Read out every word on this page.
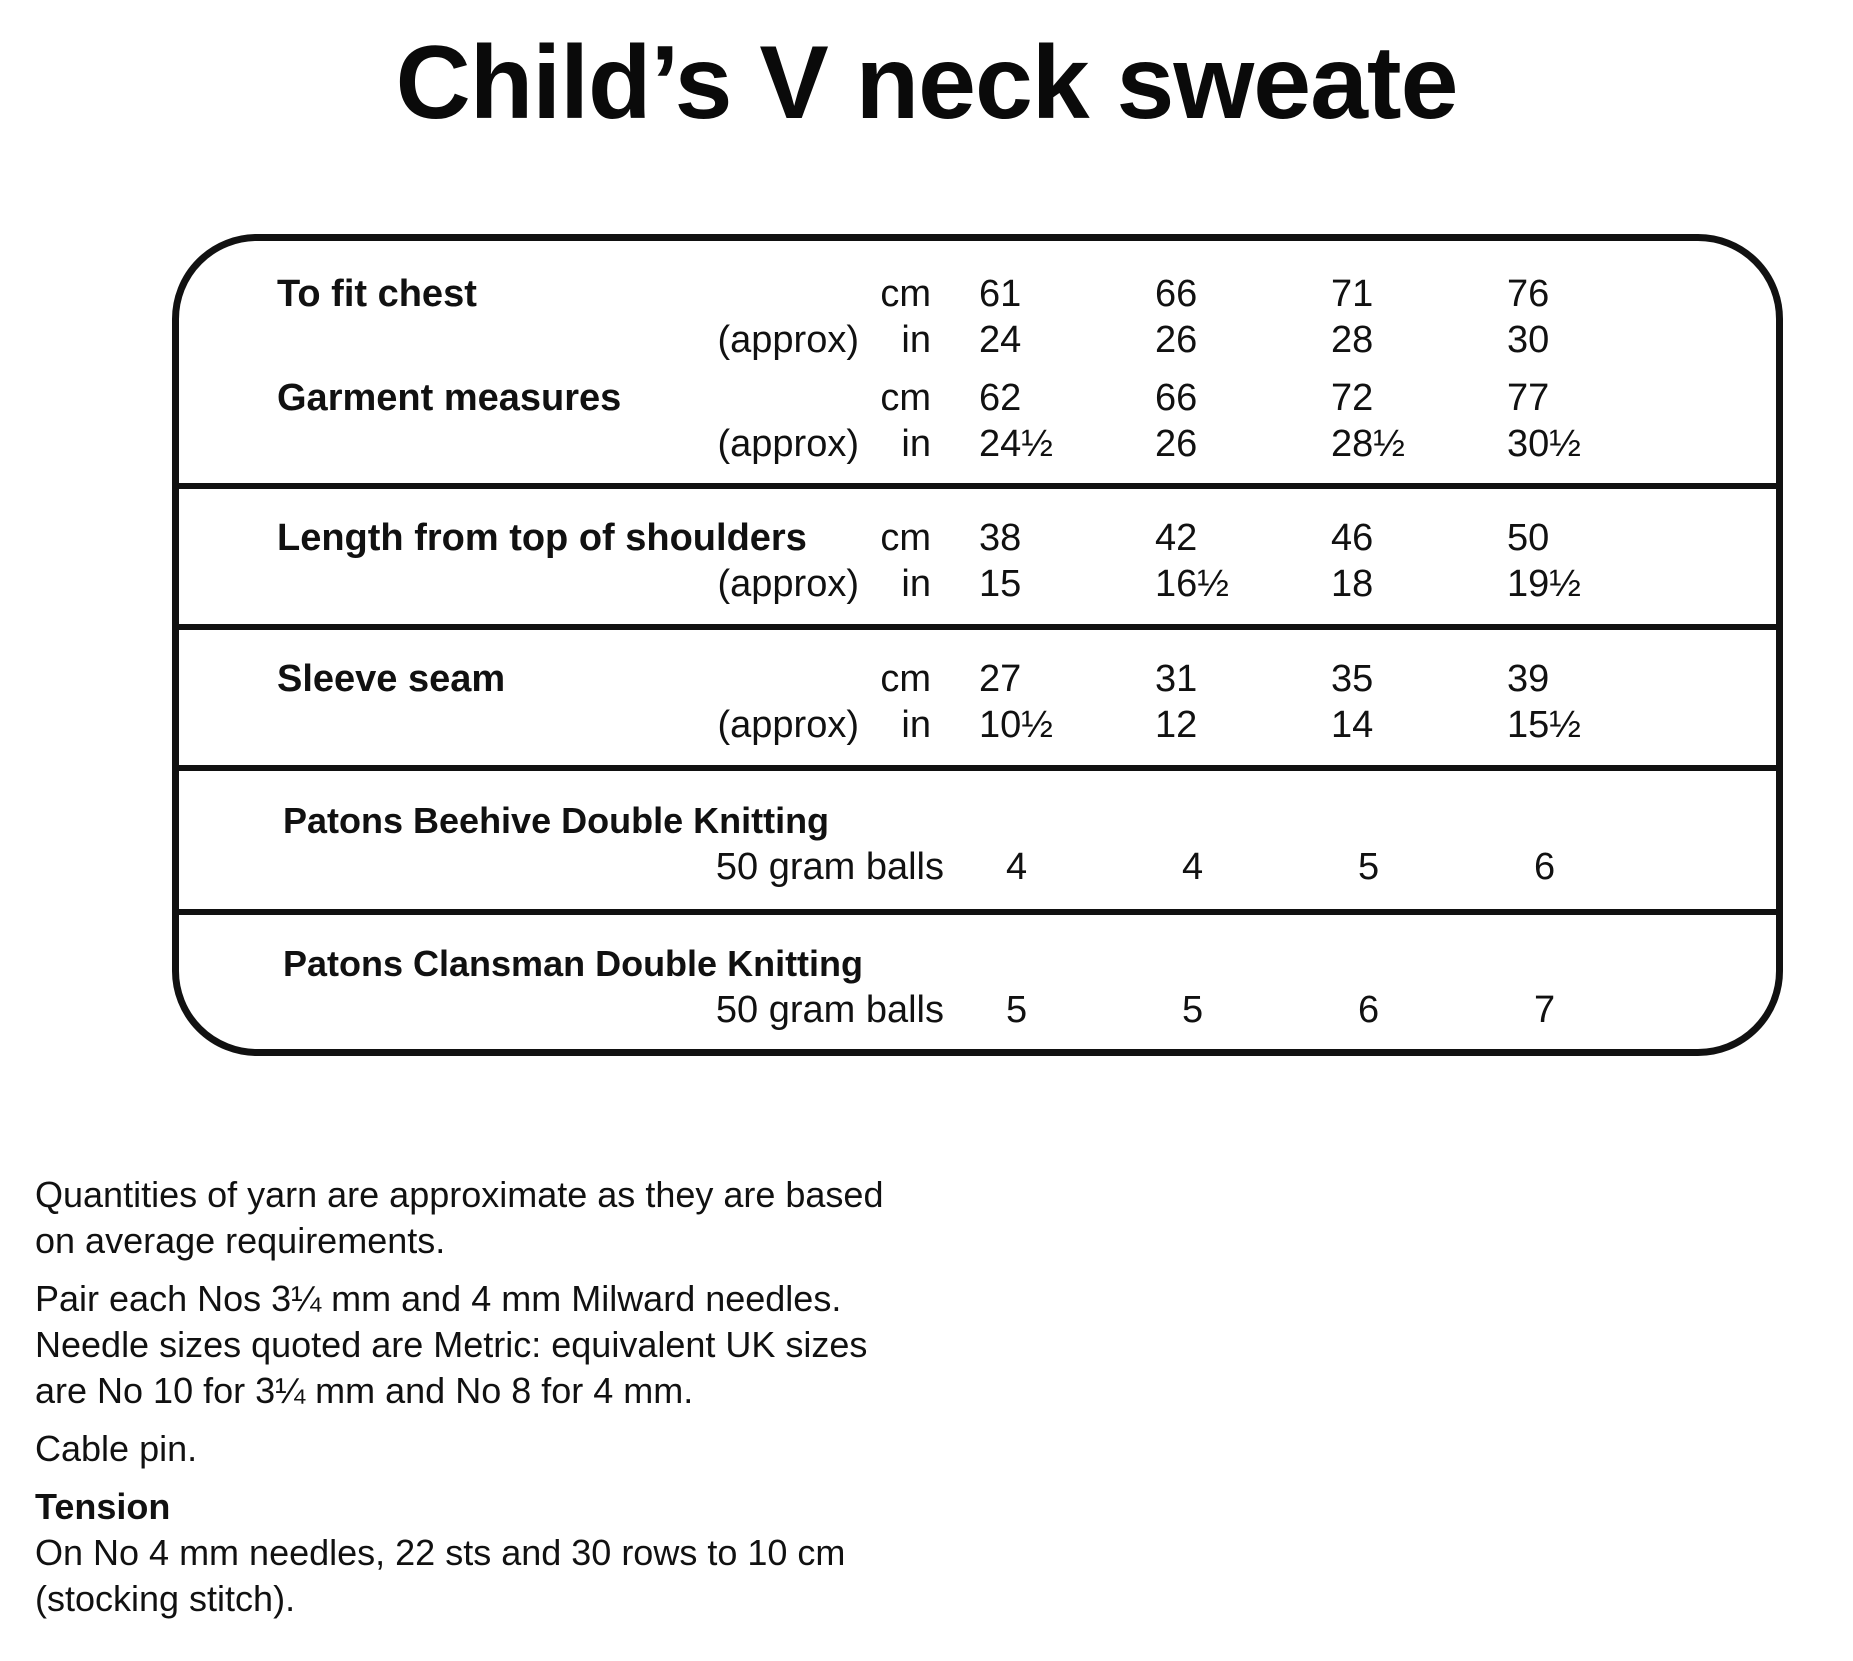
Child’s V neck sweate
To fit chest	cm 61	66	71	76
(approx) in 24	26	28	30
Garment measures	cm 62	66	72	77
(approx) in 24½	26	28½	30½
Length from top of shoulders cm 38	42	46	50
(approx) in 15	16½	18	19½
Sleeve seam	cm 27	31	35	39
(approx) in 10½	12	14	15½
Patons Beehive Double Knitting
50 gram balls 4	4	5	6
Patons Clansman Double Knitting
50 gram balls 5	5	6	7

Quantities of yarn are approximate as they are based
on average requirements.

Pair each Nos 3¼ mm and 4 mm Milward needles.
Needle sizes quoted are Metric: equivalent UK sizes
are No 10 for 3¼ mm and No 8 for 4 mm.

Cable pin.

Tension

On No 4 mm needles, 22 sts and 30 rows to 10 cm
(stocking stitch).
